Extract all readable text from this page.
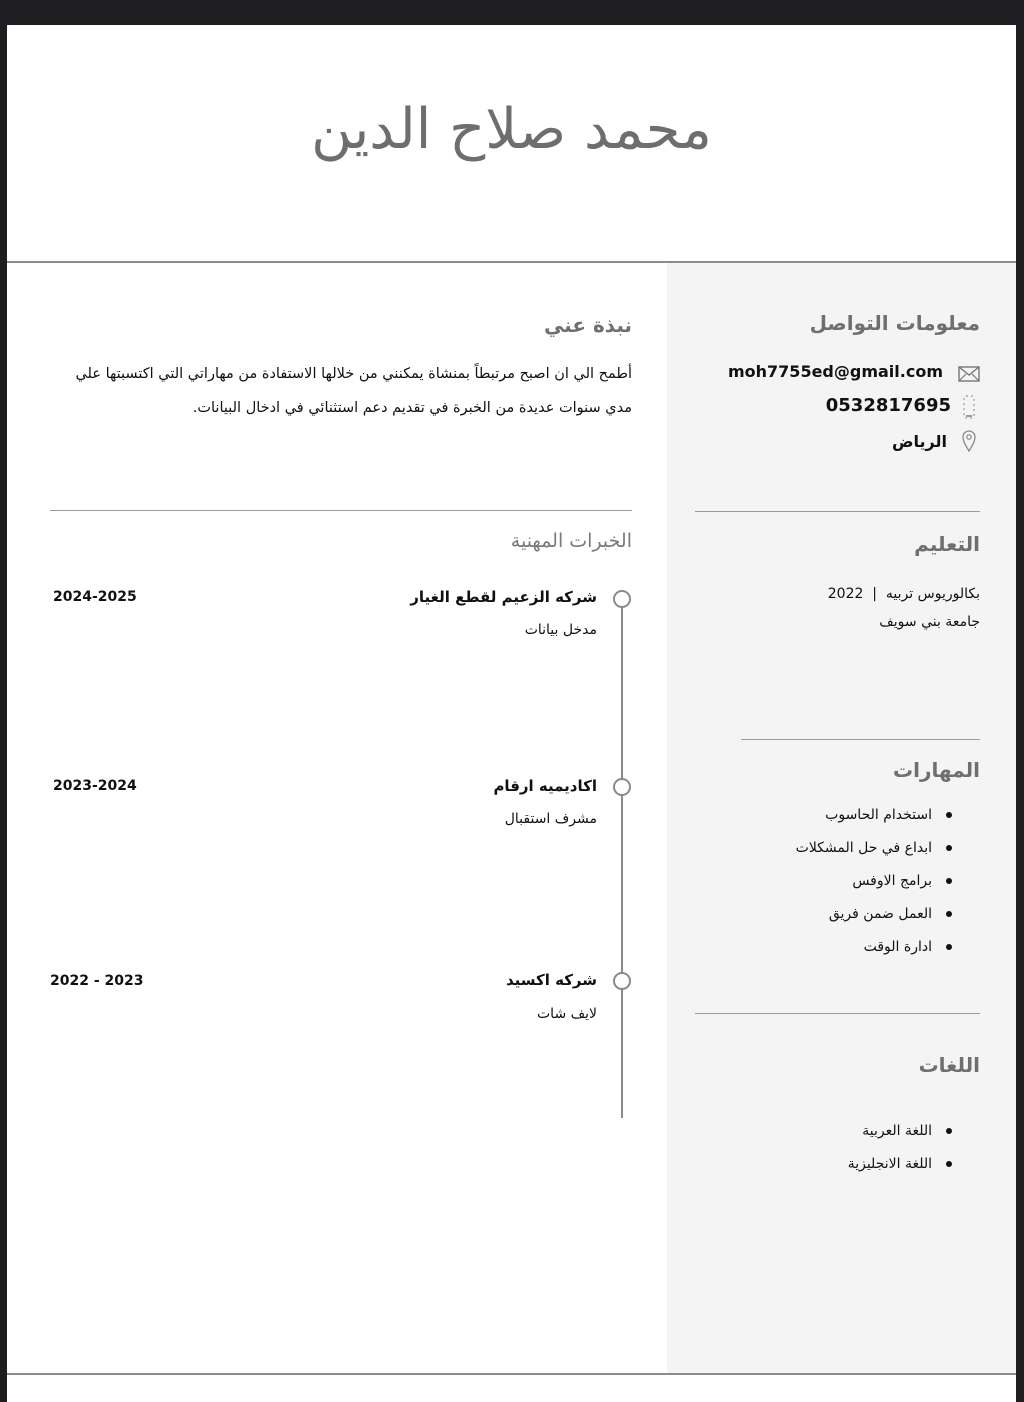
محمد صلاح الدين
معلومات التواصل
moh7755ed@gmail.com
0532817695
الرياض
التعليم
بكالوريوس تربيه  |  2022
جامعة بني سويف
المهارات
استخدام الحاسوب
ابداع في حل المشكلات
برامج الاوفس
العمل ضمن فريق
ادارة الوقت
اللغات
اللغة العربية
اللغة الانجليزية
نبذة عني
أطمح الي ان اصبح مرتبطاً بمنشاة يمكنني من خلالها الاستفادة من مهاراتي التي اكتسبتها علي مدي سنوات عديدة من الخبرة في تقديم دعم استثنائي في ادخال البيانات.
الخبرات المهنية
شركه الزعيم لقطع الغيار
مدخل بيانات
2024-2025
اكاديميه ارقام
مشرف استقبال
2023-2024
شركه اكسيد
لايف شات
2022 - 2023
